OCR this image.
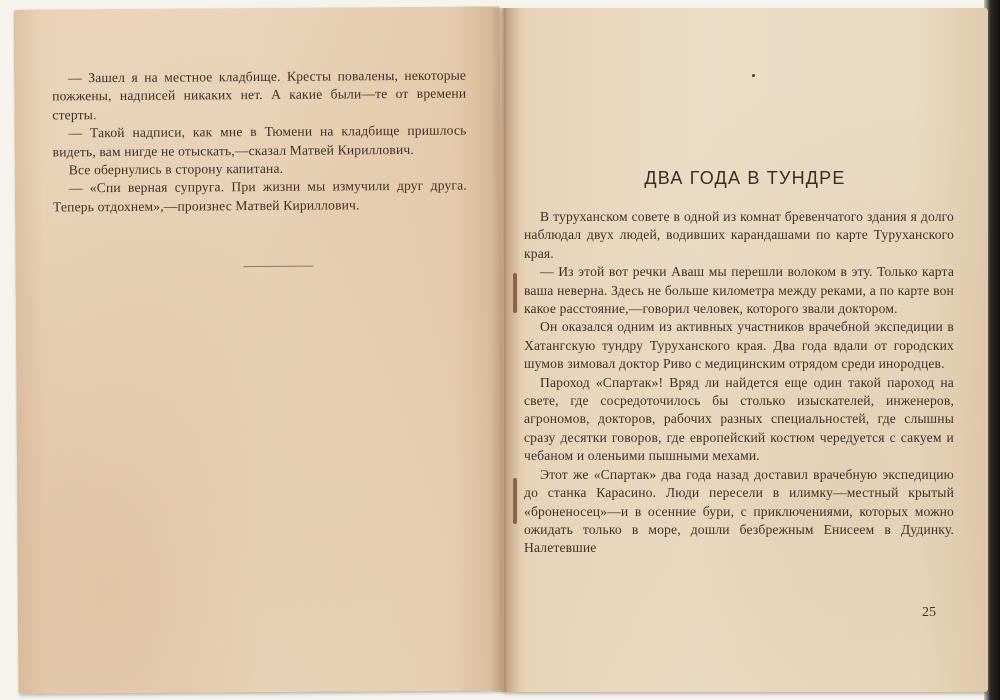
— Зашел я на местное кладбище. Кресты повалены, некоторые пожжены, надписей никаких нет. А какие были—те от времени стерты.

— Такой надписи, как мне в Тюмени на кладбище пришлось видеть, вам нигде не отыскать,—сказал Матвей Кириллович.

Все обернулись в сторону капитана.

— «Спи верная супруга. При жизни мы измучили друг друга. Теперь отдохнем»,—произнес Матвей Кириллович.

ДВА ГОДА В ТУНДРЕ

В туруханском совете в одной из комнат бревенчатого здания я долго наблюдал двух людей, водивших карандашами по карте Туруханского края.

— Из этой вот речки Аваш мы перешли волоком в эту. Только карта ваша неверна. Здесь не больше километра между реками, а по карте вон какое расстояние,—говорил человек, которого звали доктором.

Он оказался одним из активных участников врачебной экспедиции в Хатангскую тундру Туруханского края. Два года вдали от городских шумов зимовал доктор Риво с медицинским отрядом среди инородцев.

Пароход «Спартак»! Вряд ли найдется еще один такой пароход на свете, где сосредоточилось бы столько изыскателей, инженеров, агрономов, докторов, рабочих разных специальностей, где слышны сразу десятки говоров, где европейский костюм чередуется с сакуем и чебаном и оленьими пышными мехами.

Этот же «Спартак» два года назад доставил врачебную экспедицию до станка Карасино. Люди пересели в илимку—местный крытый «броненосец»—и в осенние бури, с приключениями, которых можно ожидать только в море, дошли безбрежным Енисеем в Дудинку. Налетевшие

25
